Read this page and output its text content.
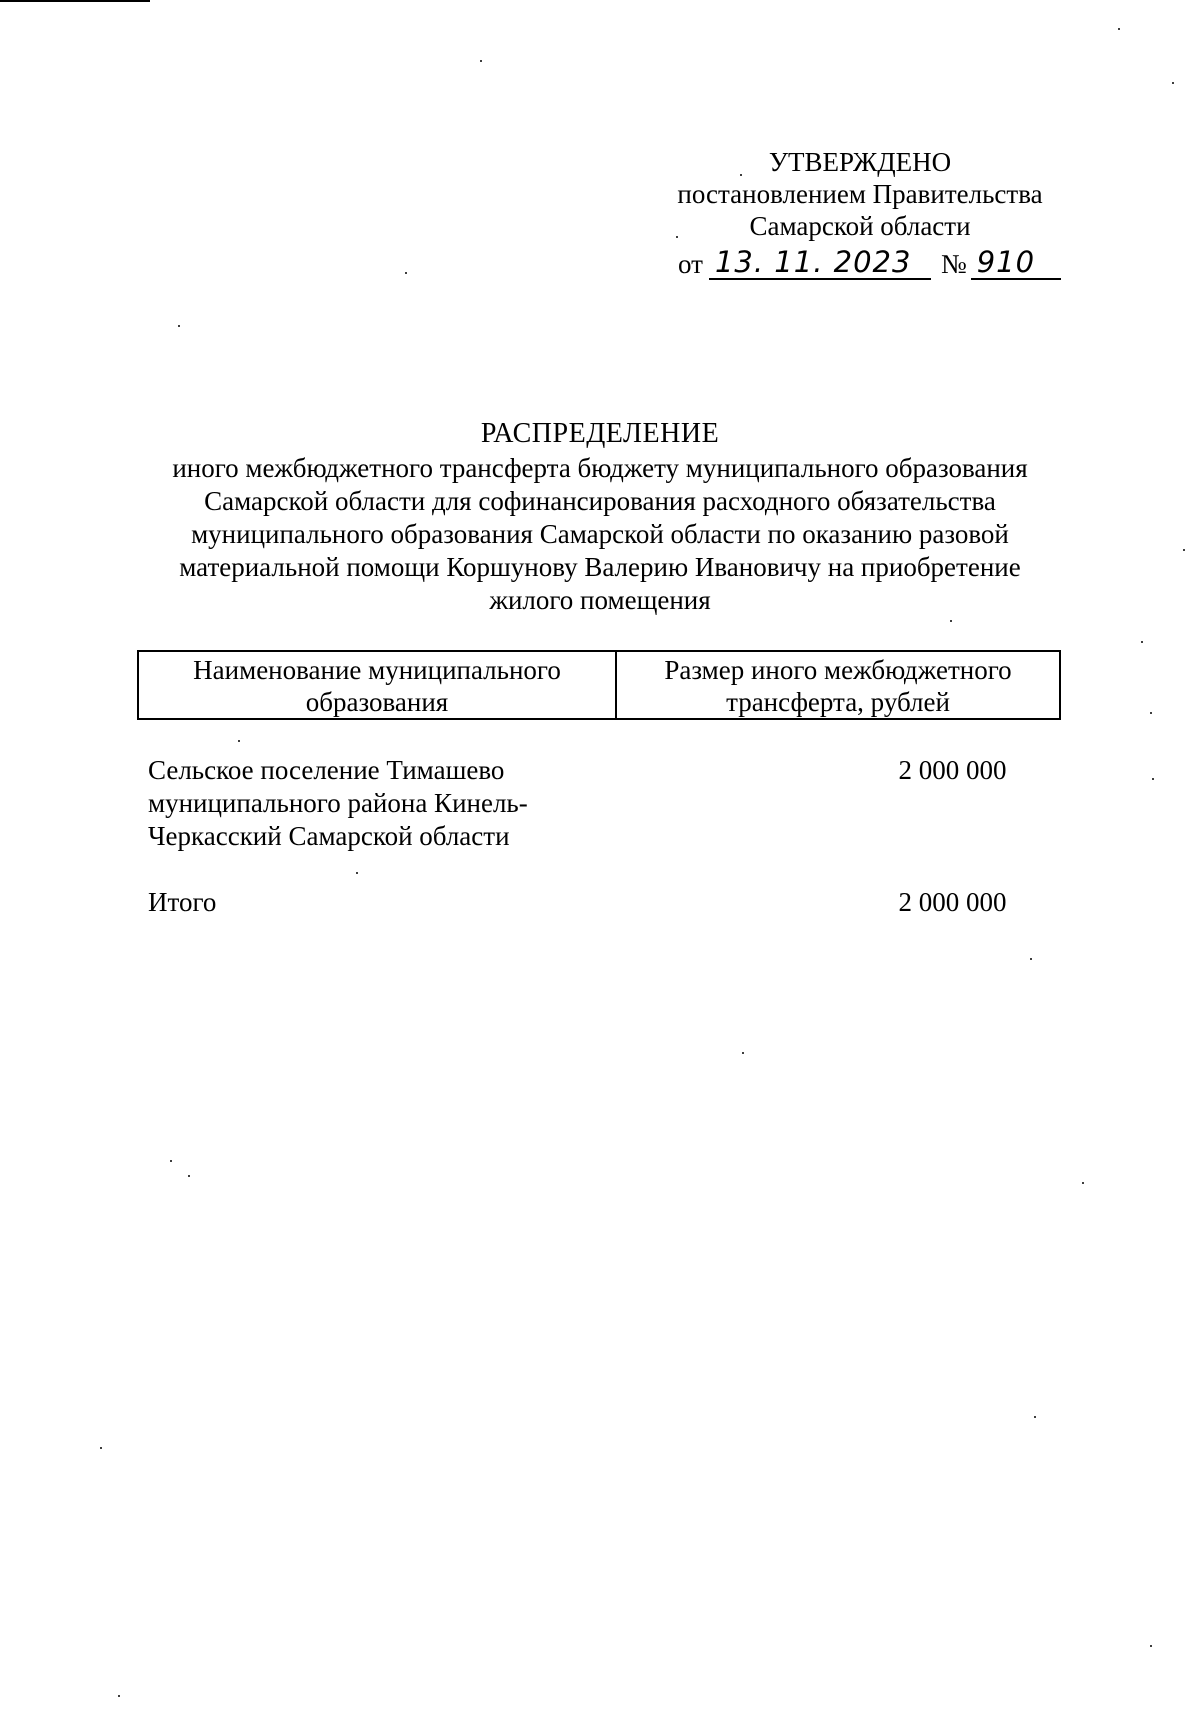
УТВЕРЖДЕНО
постановлением Правительства
Самарской области
от 13. 11. 2023	№ 910
РАСПРЕДЕЛЕНИЕ
иного межбюджетного трансферта бюджету муниципального образования
Самарской области для софинансирования расходного обязательства
муниципального образования Самарской области по оказанию разовой
материальной помощи Коршунову Валерию Ивановичу на приобретение
жилого помещения
Наименование муниципального
образования
Размер иного межбюджетного
трансферта, рублей
Сельское поселение Тимашево
муниципального района Кинель-
Черкасский Самарской области
2 000 000
Итого	2 000 000
